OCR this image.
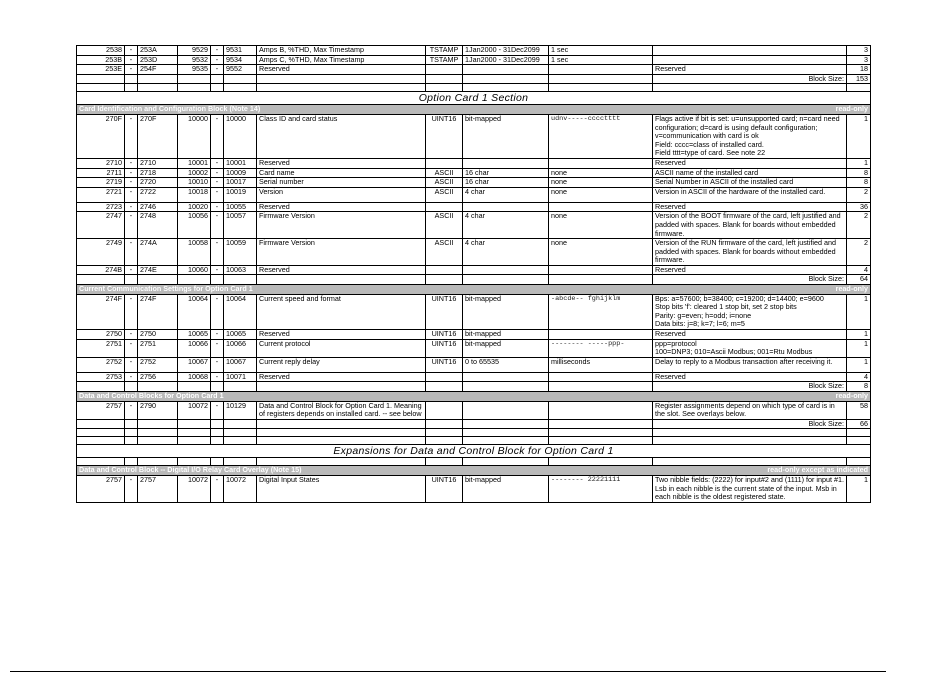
2538	-	253A	9529	-	9531	Amps B, %THD, Max Timestamp	TSTAMP	1Jan2000 - 31Dec2099	1 sec		3
253B	-	253D	9532	-	9534	Amps C, %THD, Max Timestamp	TSTAMP	1Jan2000 - 31Dec2099	1 sec		3
253E	-	254F	9535	-	9552	Reserved				Reserved	18
										Block Size:	153

Option Card 1 Section											

read-only
Card Identification and Configuration Block (Note 14)											
270F	-	270F	10000	-	10000	Class ID and card status	UINT16	bit-mapped	udnv-----cccctttt	Flags active if bit is set: u=unsupported card; n=card need configuration; d=card is using default configuration; v=communication with card is ok
Field: cccc=class of installed card.
Field tttt=type of card. See note 22	1
2710	-	2710	10001	-	10001	Reserved				Reserved	1
2711	-	2718	10002	-	10009	Card name	ASCII	16 char	none	ASCII name of the installed card	8
2719	-	2720	10010	-	10017	Serial number	ASCII	16 char	none	Serial Number in ASCII of the installed card	8
2721	-	2722	10018	-	10019	Version	ASCII	4 char	none	Version in ASCII of the hardware of the installed card.	2
2723	-	2746	10020	-	10055	Reserved				Reserved	36
2747	-	2748	10056	-	10057	Firmware Version	ASCII	4 char	none	Version of the BOOT firmware of the card, left justified and padded with spaces. Blank for boards without embedded firmware.	2
2749	-	274A	10058	-	10059	Firmware Version	ASCII	4 char	none	Version of the RUN firmware of the card, left justified and padded with spaces. Blank for boards without embedded firmware.	2
274B	-	274E	10060	-	10063	Reserved				Reserved	4
										Block Size:	64

read-only
Current Communication Settings for Option Card 1											
274F	-	274F	10064	-	10064	Current speed and format	UINT16	bit-mapped	-abcde-- fghijklm	Bps: a=57600; b=38400; c=19200; d=14400; e=9600
Stop bits 'f': cleared 1 stop bit, set 2 stop bits
Parity: g=even; h=odd; i=none
Data bits: j=8; k=7; l=6; m=5	1
2750	-	2750	10065	-	10065	Reserved	UINT16	bit-mapped		Reserved	1
2751	-	2751	10066	-	10066	Current protocol	UINT16	bit-mapped	-------- -----ppp-	ppp=protocol
100=DNP3; 010=Ascii Modbus; 001=Rtu Modbus	1
2752	-	2752	10067	-	10067	Current reply delay	UINT16	0 to 65535	milliseconds	Delay to reply to a Modbus transaction after receiving it.	1
2753	-	2756	10068	-	10071	Reserved				Reserved	4
										Block Size:	8

read-only
Data and Control Blocks for Option Card 1											
2757	-	2790	10072	-	10129	Data and Control Block for Option Card 1. Meaning of registers depends on installed card. -- see below				Register assignments depend on which type of card is in the slot. See overlays below.	58
										Block Size:	66

Expansions for Data and Control Block for Option Card 1											

read-only except as indicated
Data and Control Block -- Digital I/O Relay Card Overlay (Note 15)											
2757	-	2757	10072	-	10072	Digital Input States	UINT16	bit-mapped	-------- 22221111	Two nibble fields: (2222) for input#2 and (1111) for input #1.
Lsb in each nibble is the current state of the input. Msb in each nibble is the oldest registered state.	1
